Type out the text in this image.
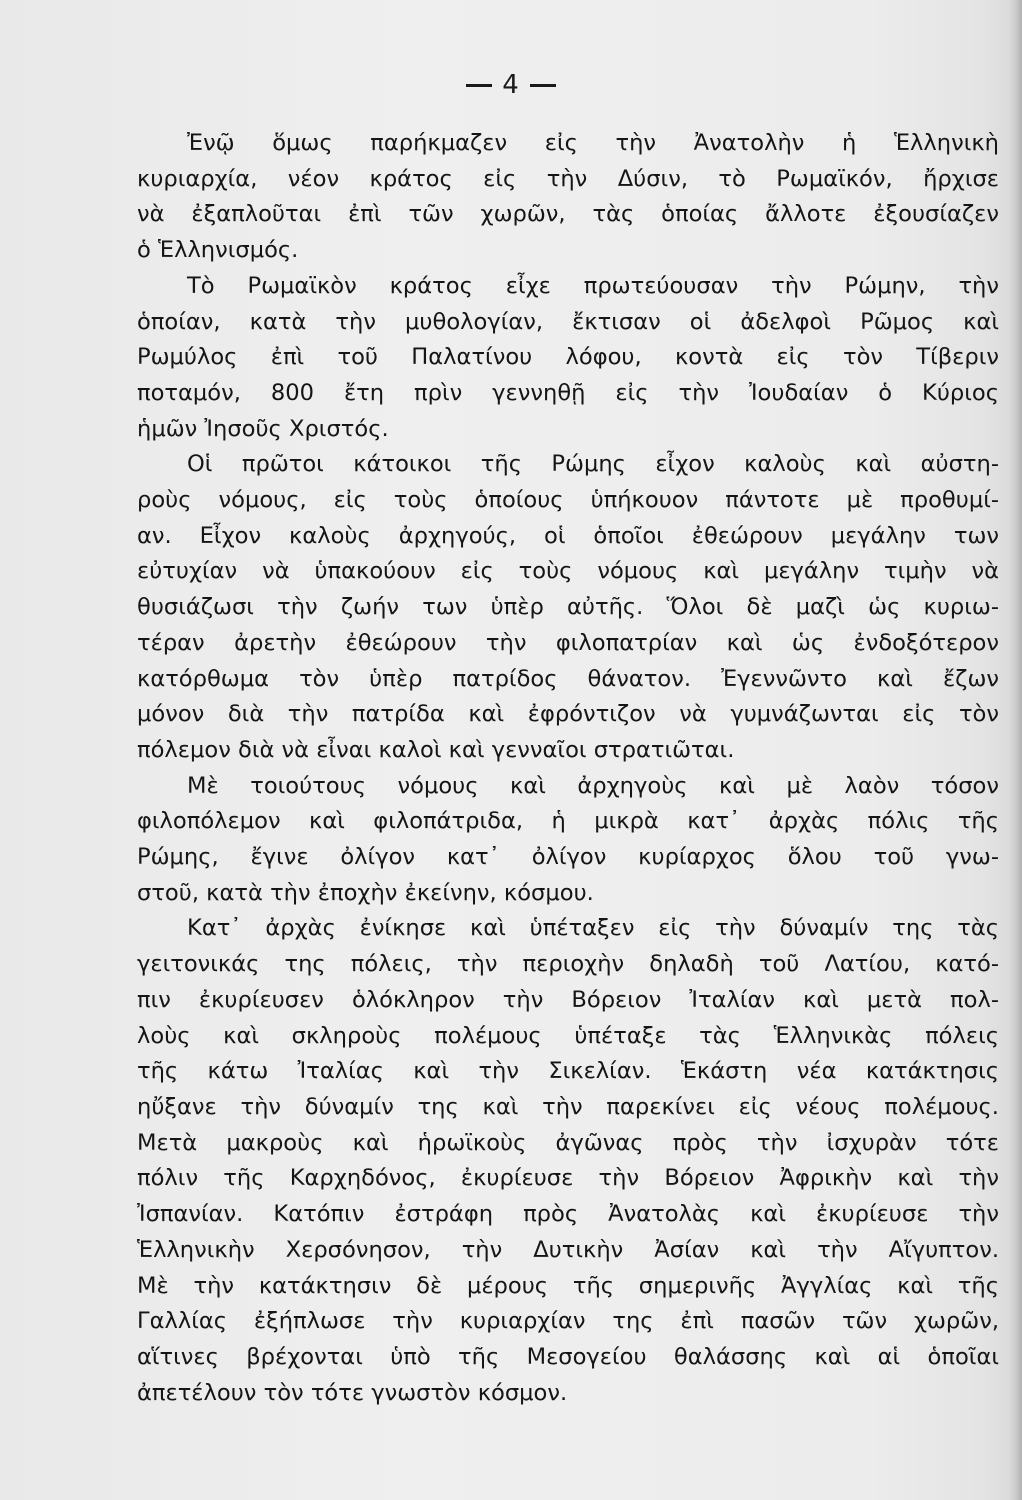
4
Ἐνῷ ὅμως παρήκμαζεν εἰς τὴν Ἀνατολὴν ἡ Ἑλληνικὴ
κυριαρχία, νέον κράτος εἰς τὴν Δύσιν, τὸ Ρωμαϊκόν, ἤρχισε
νὰ ἐξαπλοῦται ἐπὶ τῶν χωρῶν, τὰς ὁποίας ἄλλοτε ἐξουσίαζεν
ὁ Ἑλληνισμός.
Τὸ Ρωμαϊκὸν κράτος εἶχε πρωτεύουσαν τὴν Ρώμην, τὴν
ὁποίαν, κατὰ τὴν μυθολογίαν, ἔκτισαν οἱ ἀδελφοὶ Ρῶμος καὶ
Ρωμύλος ἐπὶ τοῦ Παλατίνου λόφου, κοντὰ εἰς τὸν Τίβεριν
ποταμόν, 800 ἔτη πρὶν γεννηθῇ εἰς τὴν Ἰουδαίαν ὁ Κύριος
ἡμῶν Ἰησοῦς Χριστός.
Οἱ πρῶτοι κάτοικοι τῆς Ρώμης εἶχον καλοὺς καὶ αὐστη-
ροὺς νόμους, εἰς τοὺς ὁποίους ὑπήκουον πάντοτε μὲ προθυμί-
αν. Εἶχον καλοὺς ἀρχηγούς, οἱ ὁποῖοι ἐθεώρουν μεγάλην των
εὐτυχίαν νὰ ὑπακούουν εἰς τοὺς νόμους καὶ μεγάλην τιμὴν νὰ
θυσιάζωσι τὴν ζωήν των ὑπὲρ αὐτῆς. Ὅλοι δὲ μαζὶ ὡς κυριω-
τέραν ἀρετὴν ἐθεώρουν τὴν φιλοπατρίαν καὶ ὡς ἐνδοξότερον
κατόρθωμα τὸν ὑπὲρ πατρίδος θάνατον. Ἐγεννῶντο καὶ ἔζων
μόνον διὰ τὴν πατρίδα καὶ ἐφρόντιζον νὰ γυμνάζωνται εἰς τὸν
πόλεμον διὰ νὰ εἶναι καλοὶ καὶ γενναῖοι στρατιῶται.
Μὲ τοιούτους νόμους καὶ ἀρχηγοὺς καὶ μὲ λαὸν τόσον
φιλοπόλεμον καὶ φιλοπάτριδα, ἡ μικρὰ κατ᾽ ἀρχὰς πόλις τῆς
Ρώμης, ἔγινε ὀλίγον κατ᾽ ὀλίγον κυρίαρχος ὅλου τοῦ γνω-
στοῦ, κατὰ τὴν ἐποχὴν ἐκείνην, κόσμου.
Κατ᾽ ἀρχὰς ἐνίκησε καὶ ὑπέταξεν εἰς τὴν δύναμίν της τὰς
γειτονικάς της πόλεις, τὴν περιοχὴν δηλαδὴ τοῦ Λατίου, κατό-
πιν ἐκυρίευσεν ὁλόκληρον τὴν Βόρειον Ἰταλίαν καὶ μετὰ πολ-
λοὺς καὶ σκληροὺς πολέμους ὑπέταξε τὰς Ἑλληνικὰς πόλεις
τῆς κάτω Ἰταλίας καὶ τὴν Σικελίαν. Ἑκάστη νέα κατάκτησις
ηὔξανε τὴν δύναμίν της καὶ τὴν παρεκίνει εἰς νέους πολέμους.
Μετὰ μακροὺς καὶ ἡρωϊκοὺς ἀγῶνας πρὸς τὴν ἰσχυρὰν τότε
πόλιν τῆς Καρχηδόνος, ἐκυρίευσε τὴν Βόρειον Ἀφρικὴν καὶ τὴν
Ἰσπανίαν. Κατόπιν ἐστράφη πρὸς Ἀνατολὰς καὶ ἐκυρίευσε τὴν
Ἑλληνικὴν Χερσόνησον, τὴν Δυτικὴν Ἀσίαν καὶ τὴν Αἴγυπτον.
Μὲ τὴν κατάκτησιν δὲ μέρους τῆς σημερινῆς Ἀγγλίας καὶ τῆς
Γαλλίας ἐξήπλωσε τὴν κυριαρχίαν της ἐπὶ πασῶν τῶν χωρῶν,
αἵτινες βρέχονται ὑπὸ τῆς Μεσογείου θαλάσσης καὶ αἱ ὁποῖαι
ἀπετέλουν τὸν τότε γνωστὸν κόσμον.
